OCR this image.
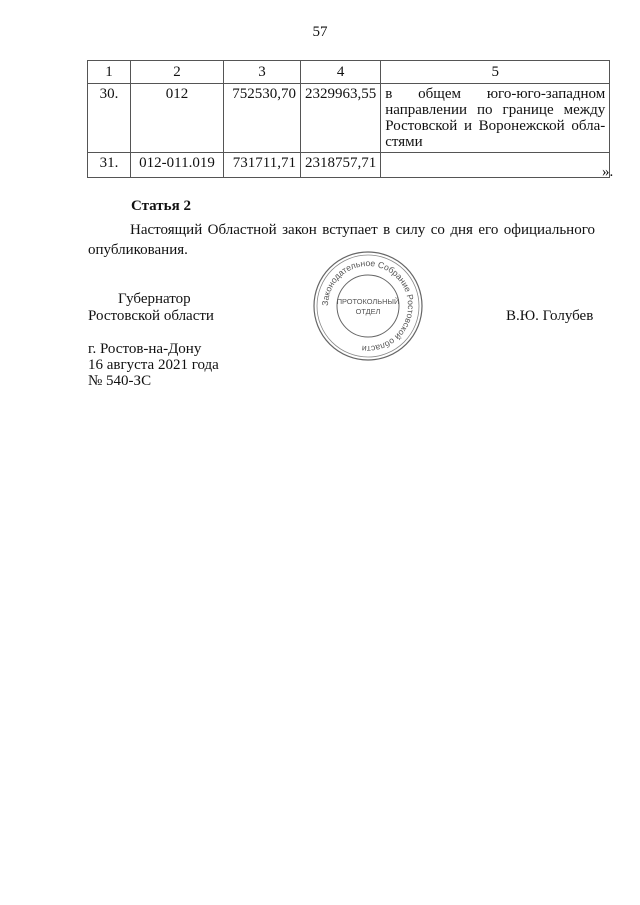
57
1	2	3	4	5
30.	012	752530,70	2329963,55	в общем юго-юго-западном направлении по границе между Ростовской и Воронежской областями
31.	012-011.019	731711,71	2318757,71	
».
Статья 2
Настоящий Областной закон вступает в силу со дня его официального опубликования.
Губернатор
Ростовской области	В.Ю. Голубев
Законодательное Собрание Ростовской области
ПРОТОКОЛЬНЫЙ
ОТДЕЛ
г. Ростов-на-Дону
16 августа 2021 года
№ 540-ЗС
